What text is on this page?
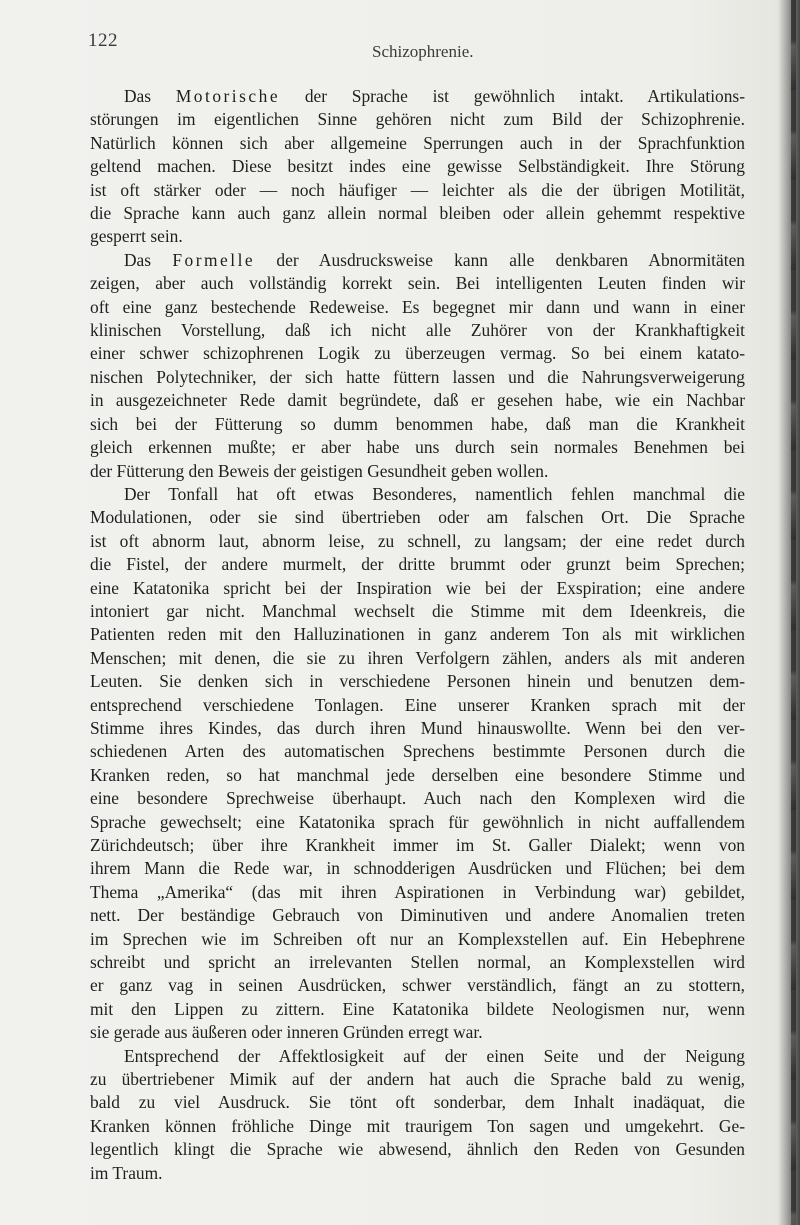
122
Schizophrenie.
Das Motorische der Sprache ist gewöhnlich intakt. Artikulations-
störungen im eigentlichen Sinne gehören nicht zum Bild der Schizophrenie.
Natürlich können sich aber allgemeine Sperrungen auch in der Sprachfunktion
geltend machen. Diese besitzt indes eine gewisse Selbständigkeit. Ihre Störung
ist oft stärker oder — noch häufiger — leichter als die der übrigen Motilität,
die Sprache kann auch ganz allein normal bleiben oder allein gehemmt respektive
gesperrt sein.
Das Formelle der Ausdrucksweise kann alle denkbaren Abnormitäten
zeigen, aber auch vollständig korrekt sein. Bei intelligenten Leuten finden wir
oft eine ganz bestechende Redeweise. Es begegnet mir dann und wann in einer
klinischen Vorstellung, daß ich nicht alle Zuhörer von der Krankhaftigkeit
einer schwer schizophrenen Logik zu überzeugen vermag. So bei einem katato-
nischen Polytechniker, der sich hatte füttern lassen und die Nahrungsverweigerung
in ausgezeichneter Rede damit begründete, daß er gesehen habe, wie ein Nachbar
sich bei der Fütterung so dumm benommen habe, daß man die Krankheit
gleich erkennen mußte; er aber habe uns durch sein normales Benehmen bei
der Fütterung den Beweis der geistigen Gesundheit geben wollen.
Der Tonfall hat oft etwas Besonderes, namentlich fehlen manchmal die
Modulationen, oder sie sind übertrieben oder am falschen Ort. Die Sprache
ist oft abnorm laut, abnorm leise, zu schnell, zu langsam; der eine redet durch
die Fistel, der andere murmelt, der dritte brummt oder grunzt beim Sprechen;
eine Katatonika spricht bei der Inspiration wie bei der Exspiration; eine andere
intoniert gar nicht. Manchmal wechselt die Stimme mit dem Ideenkreis, die
Patienten reden mit den Halluzinationen in ganz anderem Ton als mit wirklichen
Menschen; mit denen, die sie zu ihren Verfolgern zählen, anders als mit anderen
Leuten. Sie denken sich in verschiedene Personen hinein und benutzen dem-
entsprechend verschiedene Tonlagen. Eine unserer Kranken sprach mit der
Stimme ihres Kindes, das durch ihren Mund hinauswollte. Wenn bei den ver-
schiedenen Arten des automatischen Sprechens bestimmte Personen durch die
Kranken reden, so hat manchmal jede derselben eine besondere Stimme und
eine besondere Sprechweise überhaupt. Auch nach den Komplexen wird die
Sprache gewechselt; eine Katatonika sprach für gewöhnlich in nicht auffallendem
Zürichdeutsch; über ihre Krankheit immer im St. Galler Dialekt; wenn von
ihrem Mann die Rede war, in schnodderigen Ausdrücken und Flüchen; bei dem
Thema „Amerika“ (das mit ihren Aspirationen in Verbindung war) gebildet,
nett. Der beständige Gebrauch von Diminutiven und andere Anomalien treten
im Sprechen wie im Schreiben oft nur an Komplexstellen auf. Ein Hebephrene
schreibt und spricht an irrelevanten Stellen normal, an Komplexstellen wird
er ganz vag in seinen Ausdrücken, schwer verständlich, fängt an zu stottern,
mit den Lippen zu zittern. Eine Katatonika bildete Neologismen nur, wenn
sie gerade aus äußeren oder inneren Gründen erregt war.
Entsprechend der Affektlosigkeit auf der einen Seite und der Neigung
zu übertriebener Mimik auf der andern hat auch die Sprache bald zu wenig,
bald zu viel Ausdruck. Sie tönt oft sonderbar, dem Inhalt inadäquat, die
Kranken können fröhliche Dinge mit traurigem Ton sagen und umgekehrt. Ge-
legentlich klingt die Sprache wie abwesend, ähnlich den Reden von Gesunden
im Traum.
